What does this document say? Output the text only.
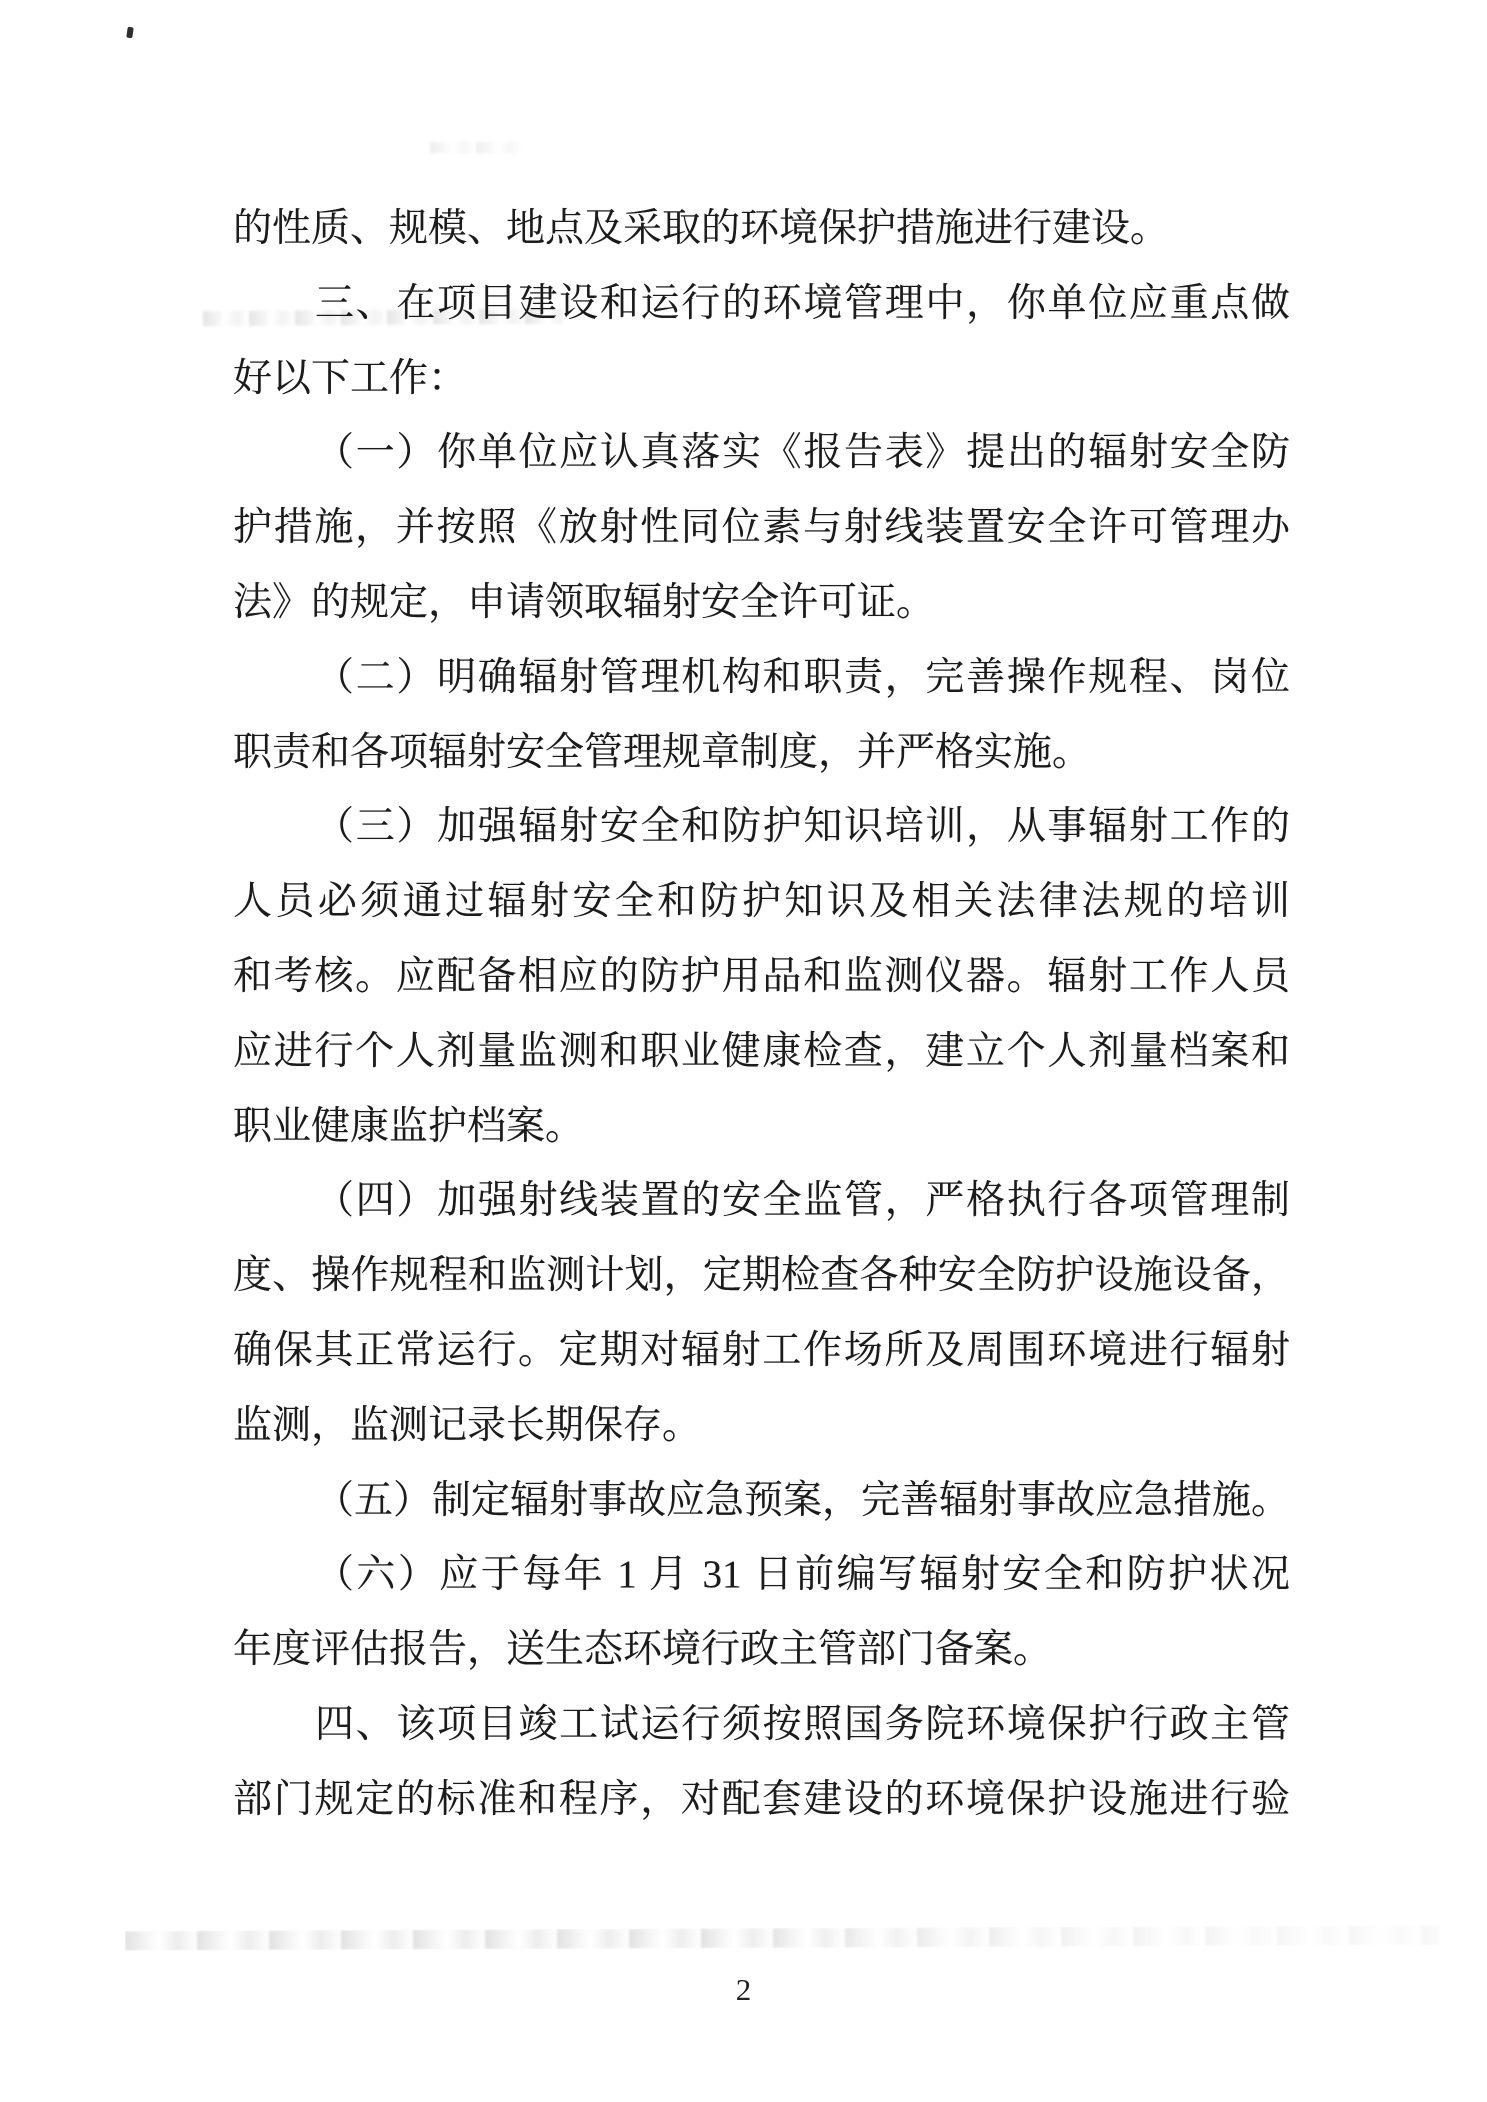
的性质、规模、地点及采取的环境保护措施进行建设。
三、在项目建设和运行的环境管理中，你单位应重点做
好以下工作：
（一）你单位应认真落实《报告表》提出的辐射安全防
护措施，并按照《放射性同位素与射线装置安全许可管理办
法》的规定，申请领取辐射安全许可证。
（二）明确辐射管理机构和职责，完善操作规程、岗位
职责和各项辐射安全管理规章制度，并严格实施。
（三）加强辐射安全和防护知识培训，从事辐射工作的
人员必须通过辐射安全和防护知识及相关法律法规的培训
和考核。应配备相应的防护用品和监测仪器。辐射工作人员
应进行个人剂量监测和职业健康检查，建立个人剂量档案和
职业健康监护档案。
（四）加强射线装置的安全监管，严格执行各项管理制
度、操作规程和监测计划，定期检查各种安全防护设施设备，
确保其正常运行。定期对辐射工作场所及周围环境进行辐射
监测，监测记录长期保存。
（五）制定辐射事故应急预案，完善辐射事故应急措施。
（六）应于每年 1 月 31 日前编写辐射安全和防护状况
年度评估报告，送生态环境行政主管部门备案。
四、该项目竣工试运行须按照国务院环境保护行政主管
部门规定的标准和程序，对配套建设的环境保护设施进行验
2
